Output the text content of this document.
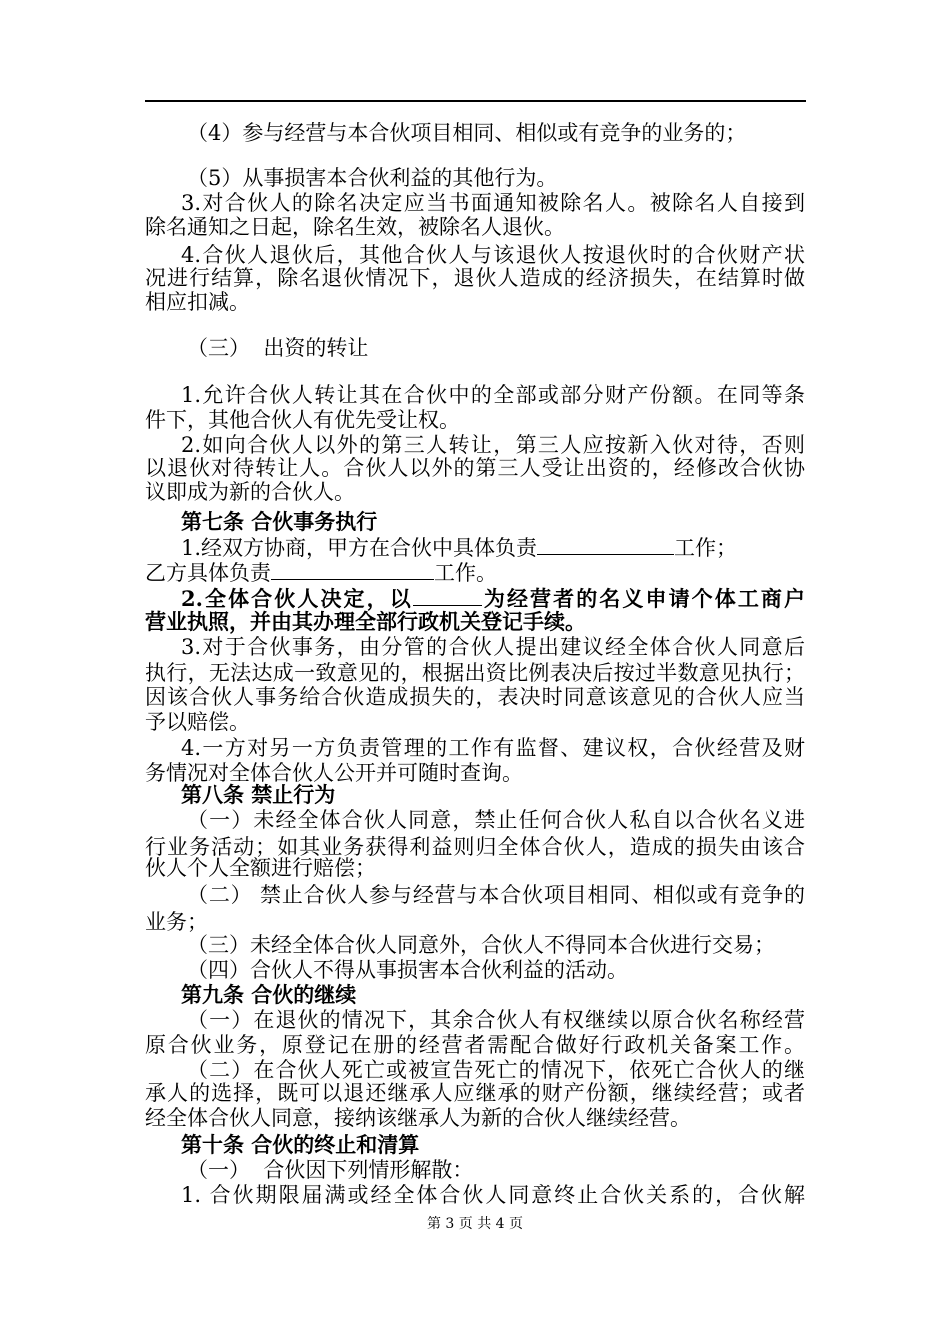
（4）参与经营与本合伙项目相同、相似或有竞争的业务的；
（5）从事损害本合伙利益的其他行为。
3.对合伙人的除名决定应当书面通知被除名人。被除名人自接到
除名通知之日起，除名生效，被除名人退伙。
4.合伙人退伙后，其他合伙人与该退伙人按退伙时的合伙财产状
况进行结算，除名退伙情况下，退伙人造成的经济损失，在结算时做
相应扣减。
（三）  出资的转让
1.允许合伙人转让其在合伙中的全部或部分财产份额。在同等条
件下，其他合伙人有优先受让权。
2.如向合伙人以外的第三人转让，第三人应按新入伙对待，否则
以退伙对待转让人。合伙人以外的第三人受让出资的，经修改合伙协
议即成为新的合伙人。
第七条 合伙事务执行
1.经双方协商，甲方在合伙中具体负责	工作；
乙方具体负责	工作。
2.全体合伙人决定，以	为经营者的名义申请个体工商户
营业执照，并由其办理全部行政机关登记手续。
3.对于合伙事务，由分管的合伙人提出建议经全体合伙人同意后
执行，无法达成一致意见的，根据出资比例表决后按过半数意见执行；
因该合伙人事务给合伙造成损失的，表决时同意该意见的合伙人应当
予以赔偿。
4.一方对另一方负责管理的工作有监督、建议权，合伙经营及财
务情况对全体合伙人公开并可随时查询。
第八条 禁止行为
（一）未经全体合伙人同意，禁止任何合伙人私自以合伙名义进
行业务活动；如其业务获得利益则归全体合伙人，造成的损失由该合
伙人个人全额进行赔偿；
（二） 禁止合伙人参与经营与本合伙项目相同、相似或有竞争的
业务；
（三）未经全体合伙人同意外，合伙人不得同本合伙进行交易；
（四）合伙人不得从事损害本合伙利益的活动。
第九条 合伙的继续
（一）在退伙的情况下，其余合伙人有权继续以原合伙名称经营
原合伙业务，原登记在册的经营者需配合做好行政机关备案工作。
（二）在合伙人死亡或被宣告死亡的情况下，依死亡合伙人的继
承人的选择，既可以退还继承人应继承的财产份额，继续经营；或者
经全体合伙人同意，接纳该继承人为新的合伙人继续经营。
第十条 合伙的终止和清算
（一）  合伙因下列情形解散：
1. 合伙期限届满或经全体合伙人同意终止合伙关系的，合伙解
第 3 页 共 4 页
